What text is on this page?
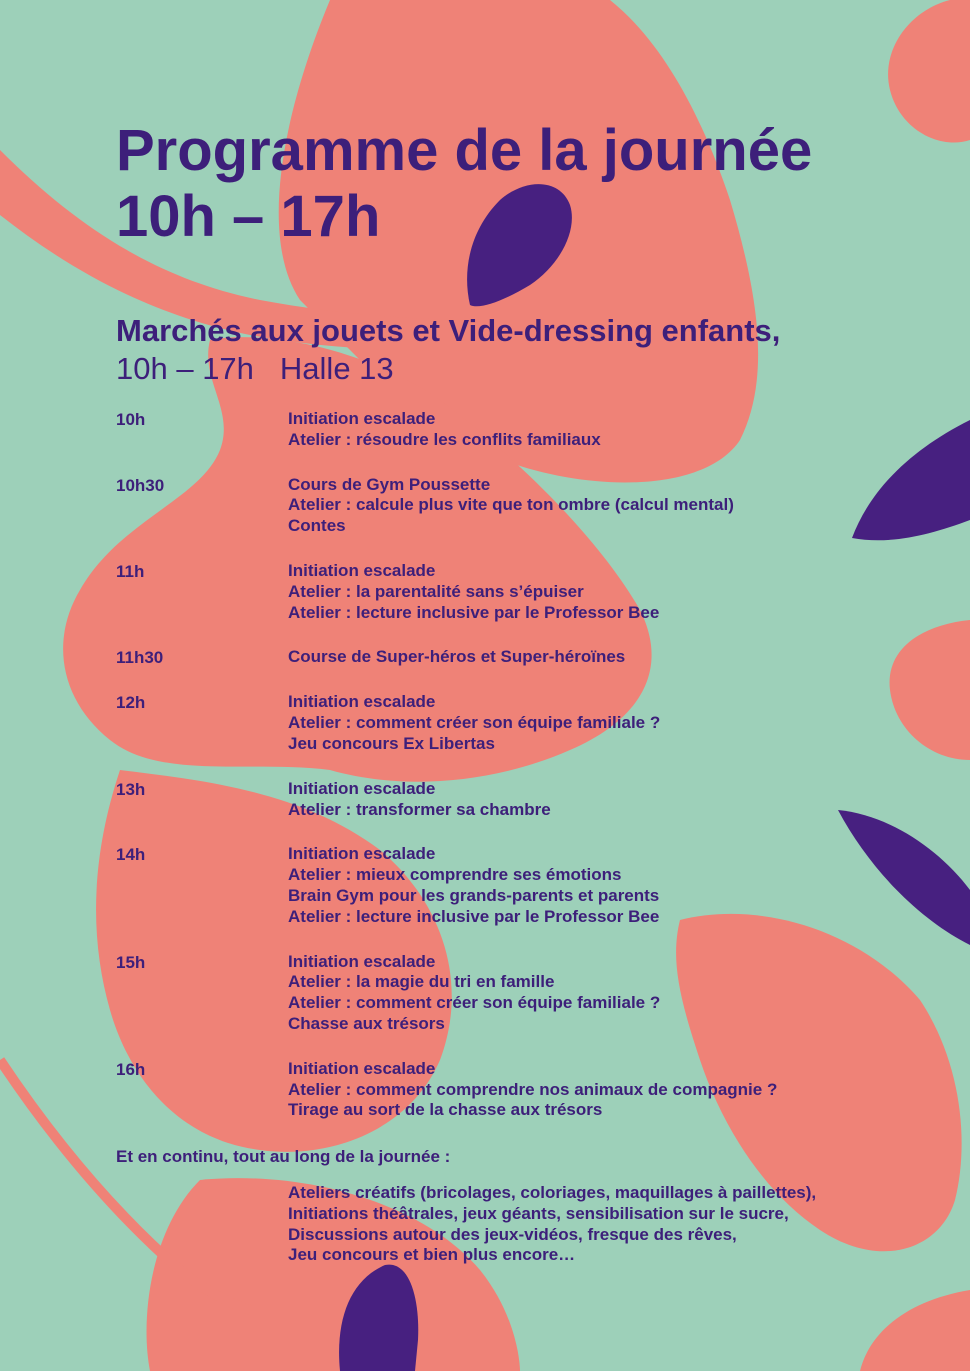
Programme de la journée
10h – 17h
Marchés aux jouets et Vide-dressing enfants,
10h – 17h Halle 13
10h	Initiation escalade
Atelier : résoudre les conflits familiaux
10h30	Cours de Gym Poussette
Atelier : calcule plus vite que ton ombre (calcul mental)
Contes
11h	Initiation escalade
Atelier : la parentalité sans s’épuiser
Atelier : lecture inclusive par le Professor Bee
11h30	Course de Super-héros et Super-héroïnes
12h	Initiation escalade
Atelier : comment créer son équipe familiale ?
Jeu concours Ex Libertas
13h	Initiation escalade
Atelier : transformer sa chambre
14h	Initiation escalade
Atelier : mieux comprendre ses émotions
Brain Gym pour les grands-parents et parents
Atelier : lecture inclusive par le Professor Bee
15h	Initiation escalade
Atelier : la magie du tri en famille
Atelier : comment créer son équipe familiale ?
Chasse aux trésors
16h	Initiation escalade
Atelier : comment comprendre nos animaux de compagnie ?
Tirage au sort de la chasse aux trésors
Et en continu, tout au long de la journée :
Ateliers créatifs (bricolages, coloriages, maquillages à paillettes),
Initiations théâtrales, jeux géants, sensibilisation sur le sucre,
Discussions autour des jeux-vidéos, fresque des rêves,
Jeu concours et bien plus encore…
